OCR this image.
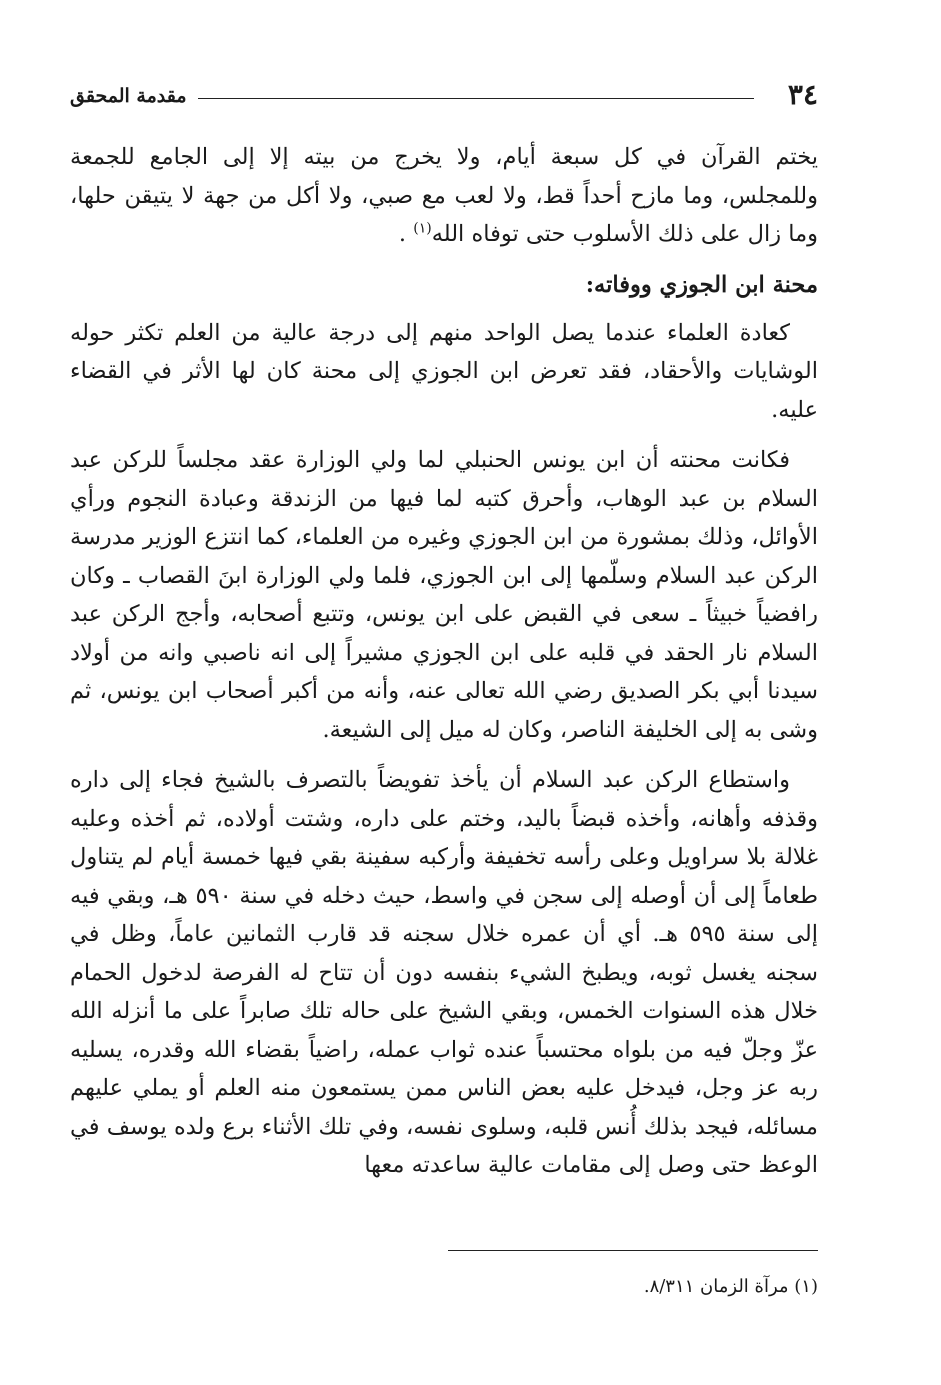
٣٤
مقدمة المحقق

يختم القرآن في كل سبعة أيام، ولا يخرج من بيته إلا إلى الجامع للجمعة وللمجلس، وما مازح أحداً قط، ولا لعب مع صبي، ولا أكل من جهة لا يتيقن حلها، وما زال على ذلك الأسلوب حتى توفاه الله$^{(١)}$ .

محنة ابن الجوزي ووفاته:

كعادة العلماء عندما يصل الواحد منهم إلى درجة عالية من العلم تكثر حوله الوشايات والأحقاد، فقد تعرض ابن الجوزي إلى محنة كان لها الأثر في القضاء عليه.

فكانت محنته أن ابن يونس الحنبلي لما ولي الوزارة عقد مجلساً للركن عبد السلام بن عبد الوهاب، وأحرق كتبه لما فيها من الزندقة وعبادة النجوم ورأي الأوائل، وذلك بمشورة من ابن الجوزي وغيره من العلماء، كما انتزع الوزير مدرسة الركن عبد السلام وسلّمها إلى ابن الجوزي، فلما ولي الوزارة ابنَ القصاب ـ وكان رافضياً خبيثاً ـ سعى في القبض على ابن يونس، وتتبع أصحابه، وأجج الركن عبد السلام نار الحقد في قلبه على ابن الجوزي مشيراً إلى انه ناصبي وانه من أولاد سيدنا أبي بكر الصديق رضي الله تعالى عنه، وأنه من أكبر أصحاب ابن يونس، ثم وشى به إلى الخليفة الناصر، وكان له ميل إلى الشيعة.

واستطاع الركن عبد السلام أن يأخذ تفويضاً بالتصرف بالشيخ فجاء إلى داره وقذفه وأهانه، وأخذه قبضاً باليد، وختم على داره، وشتت أولاده، ثم أخذه وعليه غلالة بلا سراويل وعلى رأسه تخفيفة وأركبه سفينة بقي فيها خمسة أيام لم يتناول طعاماً إلى أن أوصله إلى سجن في واسط، حيث دخله في سنة ٥٩٠ هـ، وبقي فيه إلى سنة ٥٩٥ هـ. أي أن عمره خلال سجنه قد قارب الثمانين عاماً، وظل في سجنه يغسل ثوبه، ويطبخ الشيء بنفسه دون أن تتاح له الفرصة لدخول الحمام خلال هذه السنوات الخمس، وبقي الشيخ على حاله تلك صابراً على ما أنزله الله عزّ وجلّ فيه من بلواه محتسباً عنده ثواب عمله، راضياً بقضاء الله وقدره، يسليه ربه عز وجل، فيدخل عليه بعض الناس ممن يستمعون منه العلم أو يملي عليهم مسائله، فيجد بذلك أُنس قلبه، وسلوى نفسه، وفي تلك الأثناء برع ولده يوسف في الوعظ حتى وصل إلى مقامات عالية ساعدته معها

(١) مرآة الزمان ٨/٣١١.
